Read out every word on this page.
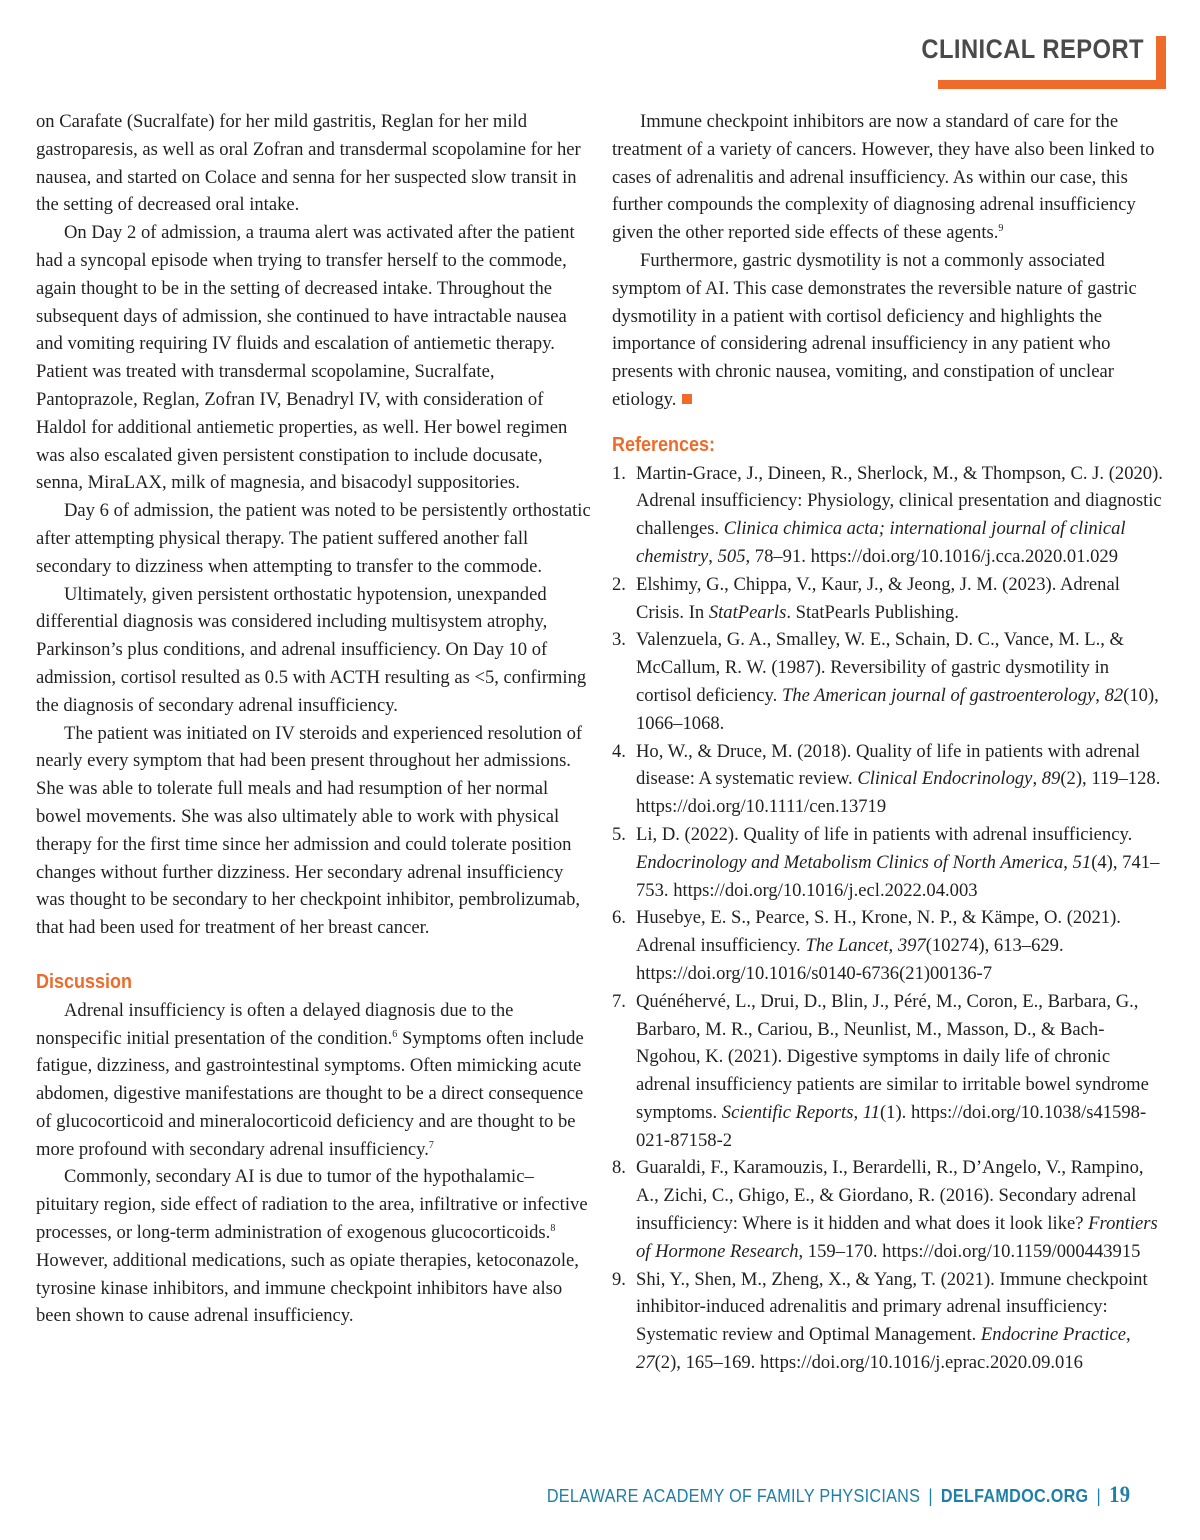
CLINICAL REPORT

on Carafate (Sucralfate) for her mild gastritis, Reglan for her mild gastroparesis, as well as oral Zofran and transdermal scopolamine for her nausea, and started on Colace and senna for her suspected slow transit in the setting of decreased oral intake.

On Day 2 of admission, a trauma alert was activated after the patient had a syncopal episode when trying to transfer herself to the commode, again thought to be in the setting of decreased intake. Throughout the subsequent days of admission, she continued to have intractable nausea and vomiting requiring IV fluids and escalation of antiemetic therapy. Patient was treated with transdermal scopolamine, Sucralfate, Pantoprazole, Reglan, Zofran IV, Benadryl IV, with consideration of Haldol for additional antiemetic properties, as well. Her bowel regimen was also escalated given persistent constipation to include docusate, senna, MiraLAX, milk of magnesia, and bisacodyl suppositories.

Day 6 of admission, the patient was noted to be persistently orthostatic after attempting physical therapy. The patient suffered another fall secondary to dizziness when attempting to transfer to the commode.

Ultimately, given persistent orthostatic hypotension, unexpanded differential diagnosis was considered including multisystem atrophy, Parkinson’s plus conditions, and adrenal insufficiency. On Day 10 of admission, cortisol resulted as 0.5 with ACTH resulting as <5, confirming the diagnosis of secondary adrenal insufficiency.

The patient was initiated on IV steroids and experienced resolution of nearly every symptom that had been present throughout her admissions. She was able to tolerate full meals and had resumption of her normal bowel movements. She was also ultimately able to work with physical therapy for the first time since her admission and could tolerate position changes without further dizziness. Her secondary adrenal insufficiency was thought to be secondary to her checkpoint inhibitor, pembrolizumab, that had been used for treatment of her breast cancer.

Discussion

Adrenal insufficiency is often a delayed diagnosis due to the nonspecific initial presentation of the condition.$^6$ Symptoms often include fatigue, dizziness, and gastrointestinal symptoms. Often mimicking acute abdomen, digestive manifestations are thought to be a direct consequence of glucocorticoid and mineralocorticoid deficiency and are thought to be more profound with secondary adrenal insufficiency.$^7$

Commonly, secondary AI is due to tumor of the hypothalamic–pituitary region, side effect of radiation to the area, infiltrative or infective processes, or long-term administration of exogenous glucocorticoids.$^8$ However, additional medications, such as opiate therapies, ketoconazole, tyrosine kinase inhibitors, and immune checkpoint inhibitors have also been shown to cause adrenal insufficiency.

Immune checkpoint inhibitors are now a standard of care for the treatment of a variety of cancers. However, they have also been linked to cases of adrenalitis and adrenal insufficiency. As within our case, this further compounds the complexity of diagnosing adrenal insufficiency given the other reported side effects of these agents.$^9$

Furthermore, gastric dysmotility is not a commonly associated symptom of AI. This case demonstrates the reversible nature of gastric dysmotility in a patient with cortisol deficiency and highlights the importance of considering adrenal insufficiency in any patient who presents with chronic nausea, vomiting, and constipation of unclear etiology.

References:
1. Martin-Grace, J., Dineen, R., Sherlock, M., & Thompson, C. J. (2020). Adrenal insufficiency: Physiology, clinical presentation and diagnostic challenges. Clinica chimica acta; international journal of clinical chemistry, 505, 78–91. https://doi.org/10.1016/j.cca.2020.01.029
2. Elshimy, G., Chippa, V., Kaur, J., & Jeong, J. M. (2023). Adrenal Crisis. In StatPearls. StatPearls Publishing.
3. Valenzuela, G. A., Smalley, W. E., Schain, D. C., Vance, M. L., & McCallum, R. W. (1987). Reversibility of gastric dysmotility in cortisol deficiency. The American journal of gastroenterology, 82(10), 1066–1068.
4. Ho, W., & Druce, M. (2018). Quality of life in patients with adrenal disease: A systematic review. Clinical Endocrinology, 89(2), 119–128. https://doi.org/10.1111/cen.13719
5. Li, D. (2022). Quality of life in patients with adrenal insufficiency. Endocrinology and Metabolism Clinics of North America, 51(4), 741–753. https://doi.org/10.1016/j.ecl.2022.04.003
6. Husebye, E. S., Pearce, S. H., Krone, N. P., & Kämpe, O. (2021). Adrenal insufficiency. The Lancet, 397(10274), 613–629. https://doi.org/10.1016/s0140-6736(21)00136-7
7. Quénéhervé, L., Drui, D., Blin, J., Péré, M., Coron, E., Barbara, G., Barbaro, M. R., Cariou, B., Neunlist, M., Masson, D., & Bach-Ngohou, K. (2021). Digestive symptoms in daily life of chronic adrenal insufficiency patients are similar to irritable bowel syndrome symptoms. Scientific Reports, 11(1). https://doi.org/10.1038/s41598-021-87158-2
8. Guaraldi, F., Karamouzis, I., Berardelli, R., D’Angelo, V., Rampino, A., Zichi, C., Ghigo, E., & Giordano, R. (2016). Secondary adrenal insufficiency: Where is it hidden and what does it look like? Frontiers of Hormone Research, 159–170. https://doi.org/10.1159/000443915
9. Shi, Y., Shen, M., Zheng, X., & Yang, T. (2021). Immune checkpoint inhibitor-induced adrenalitis and primary adrenal insufficiency: Systematic review and Optimal Management. Endocrine Practice, 27(2), 165–169. https://doi.org/10.1016/j.eprac.2020.09.016
DELAWARE ACADEMY OF FAMILY PHYSICIANS | DELFAMDOC.ORG | 19
